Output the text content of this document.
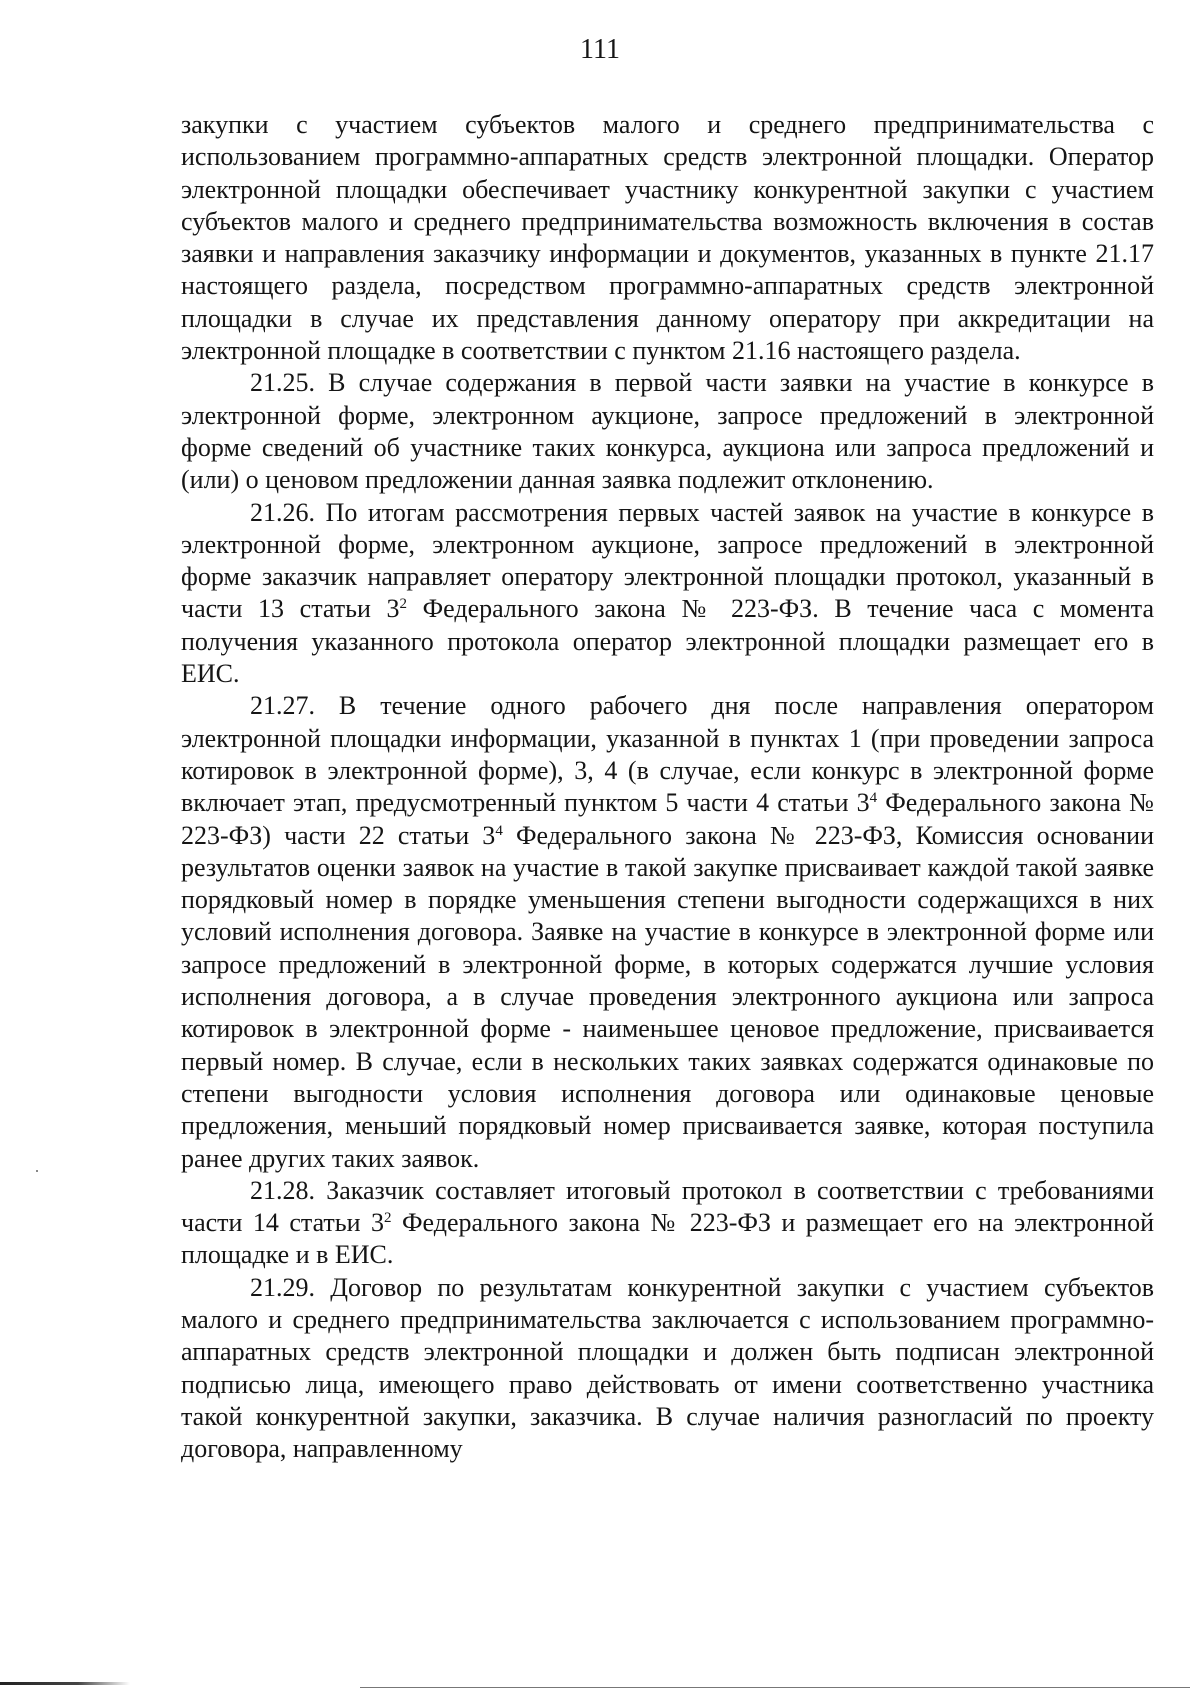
111

закупки с участием субъектов малого и среднего предпринимательства с использованием программно-аппаратных средств электронной площадки. Оператор электронной площадки обеспечивает участнику конкурентной закупки с участием субъектов малого и среднего предпринимательства возможность включения в состав заявки и направления заказчику информации и документов, указанных в пункте 21.17 настоящего раздела, посредством программно-аппаратных средств электронной площадки в случае их представления данному оператору при аккредитации на электронной площадке в соответствии с пунктом 21.16 настоящего раздела.

21.25. В случае содержания в первой части заявки на участие в конкурсе в электронной форме, электронном аукционе, запросе предложений в электронной форме сведений об участнике таких конкурса, аукциона или запроса предложений и (или) о ценовом предложении данная заявка подлежит отклонению.

21.26. По итогам рассмотрения первых частей заявок на участие в конкурсе в электронной форме, электронном аукционе, запросе предложений в электронной форме заказчик направляет оператору электронной площадки протокол, указанный в части 13 статьи $3^2$ Федерального закона № 223-ФЗ. В течение часа с момента получения указанного протокола оператор электронной площадки размещает его в ЕИС.

21.27. В течение одного рабочего дня после направления оператором электронной площадки информации, указанной в пунктах 1 (при проведении запроса котировок в электронной форме), 3, 4 (в случае, если конкурс в электронной форме включает этап, предусмотренный пунктом 5 части 4 статьи $3^4$ Федерального закона № 223-ФЗ) части 22 статьи $3^4$ Федерального закона № 223-ФЗ, Комиссия основании результатов оценки заявок на участие в такой закупке присваивает каждой такой заявке порядковый номер в порядке уменьшения степени выгодности содержащихся в них условий исполнения договора. Заявке на участие в конкурсе в электронной форме или запросе предложений в электронной форме, в которых содержатся лучшие условия исполнения договора, а в случае проведения электронного аукциона или запроса котировок в электронной форме - наименьшее ценовое предложение, присваивается первый номер. В случае, если в нескольких таких заявках содержатся одинаковые по степени выгодности условия исполнения договора или одинаковые ценовые предложения, меньший порядковый номер присваивается заявке, которая поступила ранее других таких заявок.

21.28. Заказчик составляет итоговый протокол в соответствии с требованиями части 14 статьи $3^2$ Федерального закона № 223-ФЗ и размещает его на электронной площадке и в ЕИС.

21.29. Договор по результатам конкурентной закупки с участием субъектов малого и среднего предпринимательства заключается с использованием программно-аппаратных средств электронной площадки и должен быть подписан электронной подписью лица, имеющего право действовать от имени соответственно участника такой конкурентной закупки, заказчика. В случае наличия разногласий по проекту договора, направленному
